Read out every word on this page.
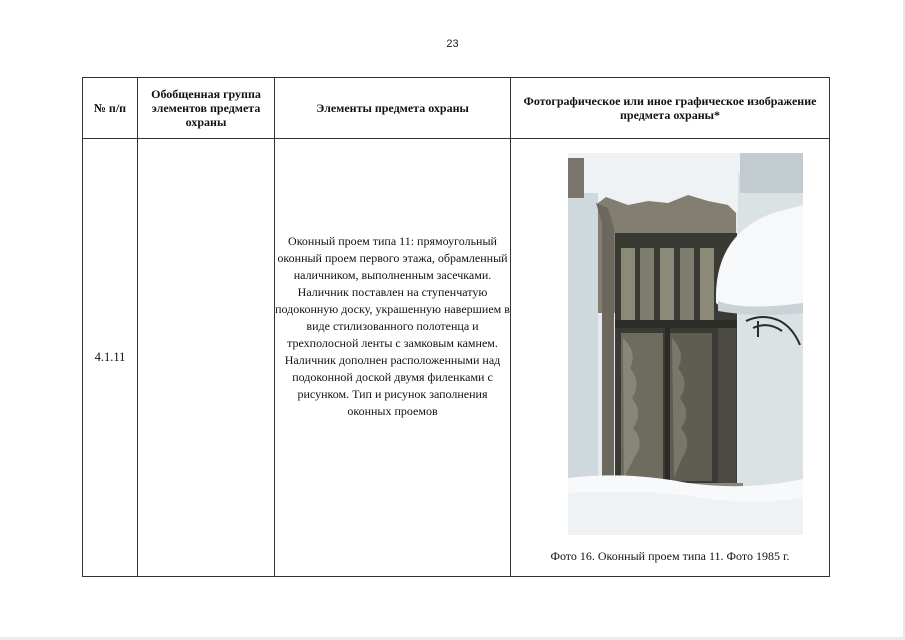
23
№ п/п	Обобщенная группа элементов предмета охраны	Элементы предмета охраны	Фотографическое или иное графическое изображение предмета охраны*
4.1.11		Оконный проем типа 11: прямоугольный оконный проем первого этажа, обрамленный наличником, выполненным засечками. Наличник поставлен на ступенчатую подоконную доску, украшенную навершием в виде стилизованного полотенца и трехполосной ленты с замковым камнем. Наличник дополнен расположенными над подоконной доской двумя филенками с рисунком. Тип и рисунок заполнения оконных проемов	Фото 16. Оконный проем типа 11. Фото 1985 г.
